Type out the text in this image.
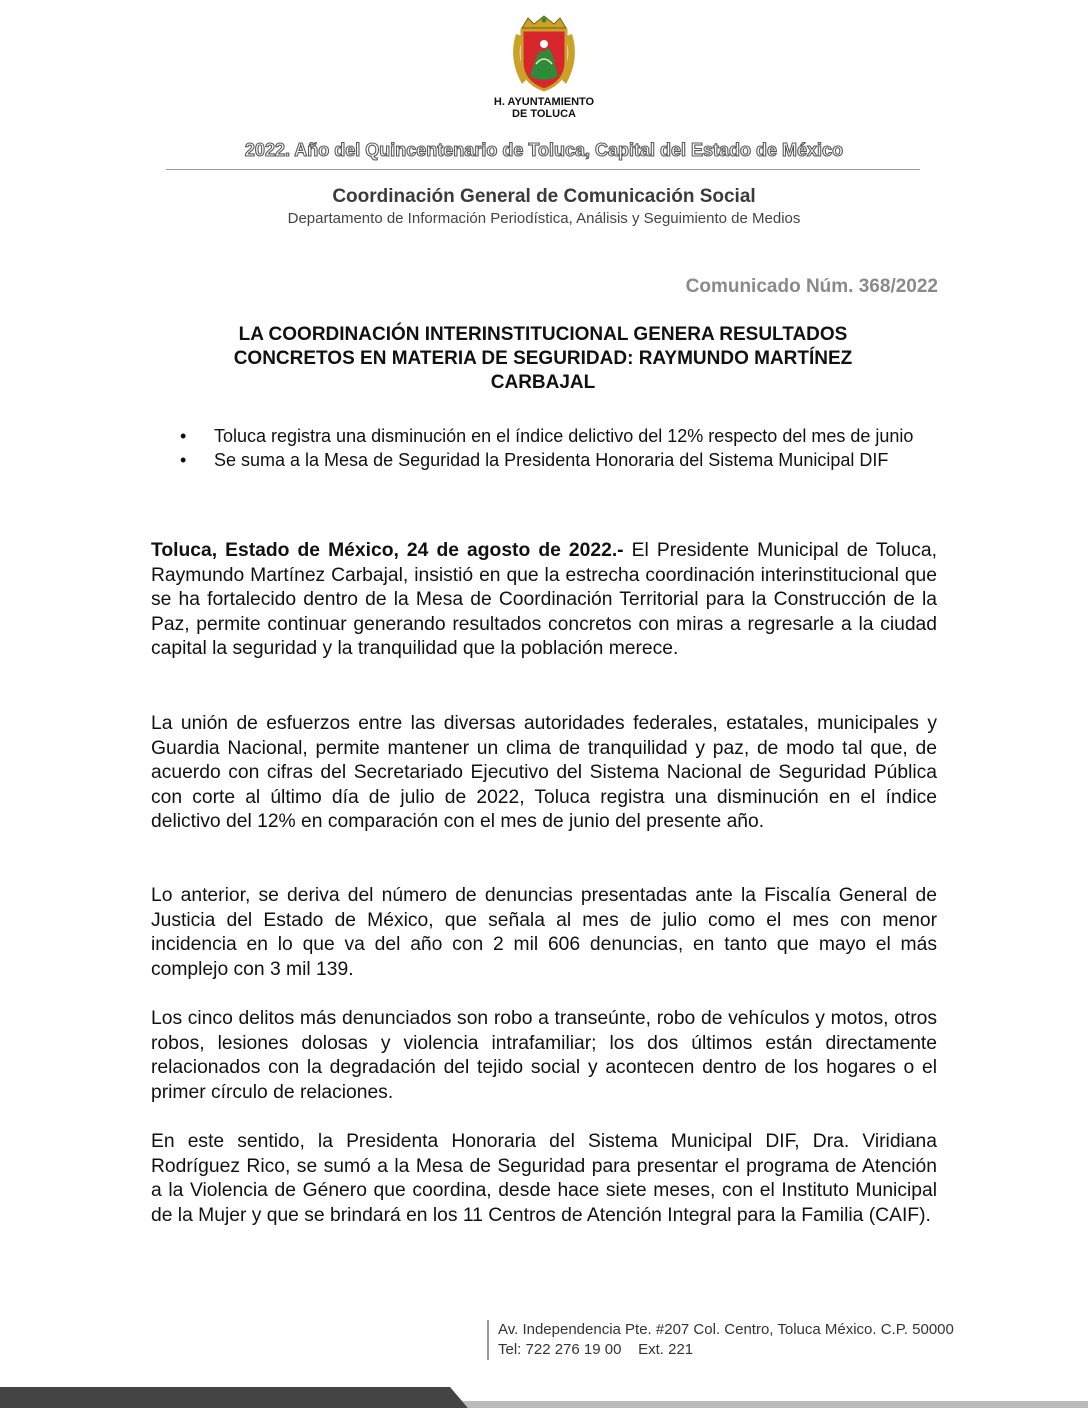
H. AYUNTAMIENTO
DE TOLUCA
2022. Año del Quincentenario de Toluca, Capital del Estado de México
Coordinación General de Comunicación Social
Departamento de Información Periodística, Análisis y Seguimiento de Medios
Comunicado Núm. 368/2022
LA COORDINACIÓN INTERINSTITUCIONAL GENERA RESULTADOS CONCRETOS EN MATERIA DE SEGURIDAD: RAYMUNDO MARTÍNEZ CARBAJAL
• Toluca registra una disminución en el índice delictivo del 12% respecto del mes de junio
• Se suma a la Mesa de Seguridad la Presidenta Honoraria del Sistema Municipal DIF

Toluca, Estado de México, 24 de agosto de 2022.- El Presidente Municipal de Toluca, Raymundo Martínez Carbajal, insistió en que la estrecha coordinación interinstitucional que se ha fortalecido dentro de la Mesa de Coordinación Territorial para la Construcción de la Paz, permite continuar generando resultados concretos con miras a regresarle a la ciudad capital la seguridad y la tranquilidad que la población merece.

La unión de esfuerzos entre las diversas autoridades federales, estatales, municipales y Guardia Nacional, permite mantener un clima de tranquilidad y paz, de modo tal que, de acuerdo con cifras del Secretariado Ejecutivo del Sistema Nacional de Seguridad Pública con corte al último día de julio de 2022, Toluca registra una disminución en el índice delictivo del 12% en comparación con el mes de junio del presente año.

Lo anterior, se deriva del número de denuncias presentadas ante la Fiscalía General de Justicia del Estado de México, que señala al mes de julio como el mes con menor incidencia en lo que va del año con 2 mil 606 denuncias, en tanto que mayo el más complejo con 3 mil 139.

Los cinco delitos más denunciados son robo a transeúnte, robo de vehículos y motos, otros robos, lesiones dolosas y violencia intrafamiliar; los dos últimos están directamente relacionados con la degradación del tejido social y acontecen dentro de los hogares o el primer círculo de relaciones.

En este sentido, la Presidenta Honoraria del Sistema Municipal DIF, Dra. Viridiana Rodríguez Rico, se sumó a la Mesa de Seguridad para presentar el programa de Atención a la Violencia de Género que coordina, desde hace siete meses, con el Instituto Municipal de la Mujer y que se brindará en los 11 Centros de Atención Integral para la Familia (CAIF).

Av. Independencia Pte. #207 Col. Centro, Toluca México. C.P. 50000
Tel: 722 276 19 00    Ext. 221
